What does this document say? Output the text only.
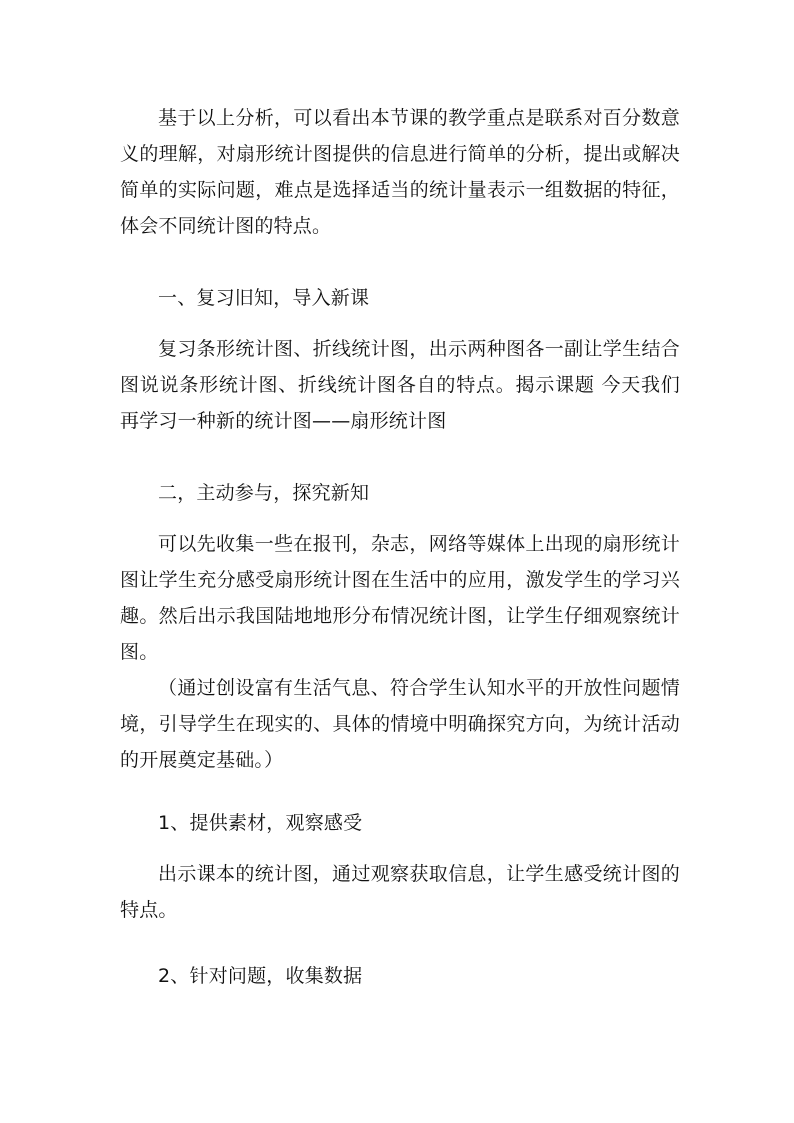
基于以上分析，可以看出本节课的教学重点是联系对百分数意义的理解，对扇形统计图提供的信息进行简单的分析，提出或解决简单的实际问题，难点是选择适当的统计量表示一组数据的特征，体会不同统计图的特点。

一、复习旧知，导入新课

复习条形统计图、折线统计图，出示两种图各一副让学生结合图说说条形统计图、折线统计图各自的特点。揭示课题 今天我们再学习一种新的统计图——扇形统计图

二，主动参与，探究新知

可以先收集一些在报刊，杂志，网络等媒体上出现的扇形统计图让学生充分感受扇形统计图在生活中的应用，激发学生的学习兴趣。然后出示我国陆地地形分布情况统计图，让学生仔细观察统计图。

（通过创设富有生活气息、符合学生认知水平的开放性问题情境，引导学生在现实的、具体的情境中明确探究方向，为统计活动的开展奠定基础。）

1、提供素材，观察感受

出示课本的统计图，通过观察获取信息，让学生感受统计图的特点。

2、针对问题，收集数据
